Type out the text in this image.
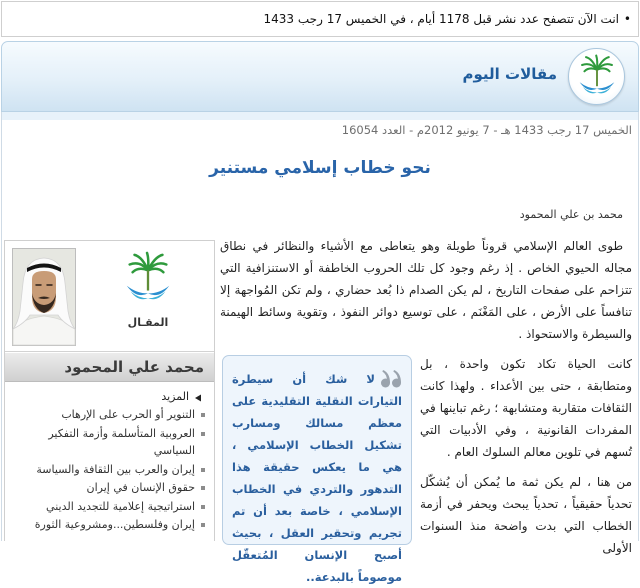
•
انت الآن تتصفح عدد نشر قبل 1178 أيام ، في الخميس 17 رجب 1433
مقالات اليوم
الخميس 17 رجب 1433 هـ - 7 يونيو 2012م - العدد 16054
نحو خطاب إسلامي مستنير
محمد بن علي المحمود

طوى العالم الإسلامي قروناً طويلة وهو يتعاطى مع الأشياء والنظائر في نطاق مجاله الحيوي الخاص . إذ رغم وجود كل تلك الحروب الخاطفة أو الاستنزافية التي تتزاحم على صفحات التاريخ ، لم يكن الصدام ذا بُعد حضاري ، ولم تكن المُواجهة إلا تنافساً على الأرض ، على المَغْنَم ، على توسيع دوائر النفوذ ، وتقوية وسائط الهيمنة والسيطرة والاستحواذ .

لا شك أن سيطرة التيارات النقلية التقليدية على معظم مسالك ومسارب تشكيل الخطاب الإسلامي ، هي ما يعكس حقيقة هذا التدهور والتردي في الخطاب الإسلامي ، خاصة بعد أن تم تجريم وتحقير العقل ، بحيث أصبح الإنسان المُتعقّل موصوماً بالبدعة..

كانت الحياة تكاد تكون واحدة ، بل ومتطابقة ، حتى بين الأعداء . ولهذا كانت الثقافات متقاربة ومتشابهة ؛ رغم تباينها في المفردات القانونية ، وفي الأدبيات التي تُسهم في تلوين معالم السلوك العام .

من هنا ، لم يكن ثمة ما يُمكن أن يُشكّل تحدياً حقيقياً ، تحدياً يبحث ويحفر في أزمة الخطاب التي بدت واضحة منذ السنوات الأولى

المقـال
محمد علي المحمود
المزيد
التنوير أو الحرب على الإرهاب
العروبية المتأسلمة وأزمة التفكير السياسي
إيران والعرب بين الثقافة والسياسة
حقوق الإنسان في إيران
استراتيجية إعلامية للتجديد الديني
إيران وفلسطين...ومشروعية الثورة
